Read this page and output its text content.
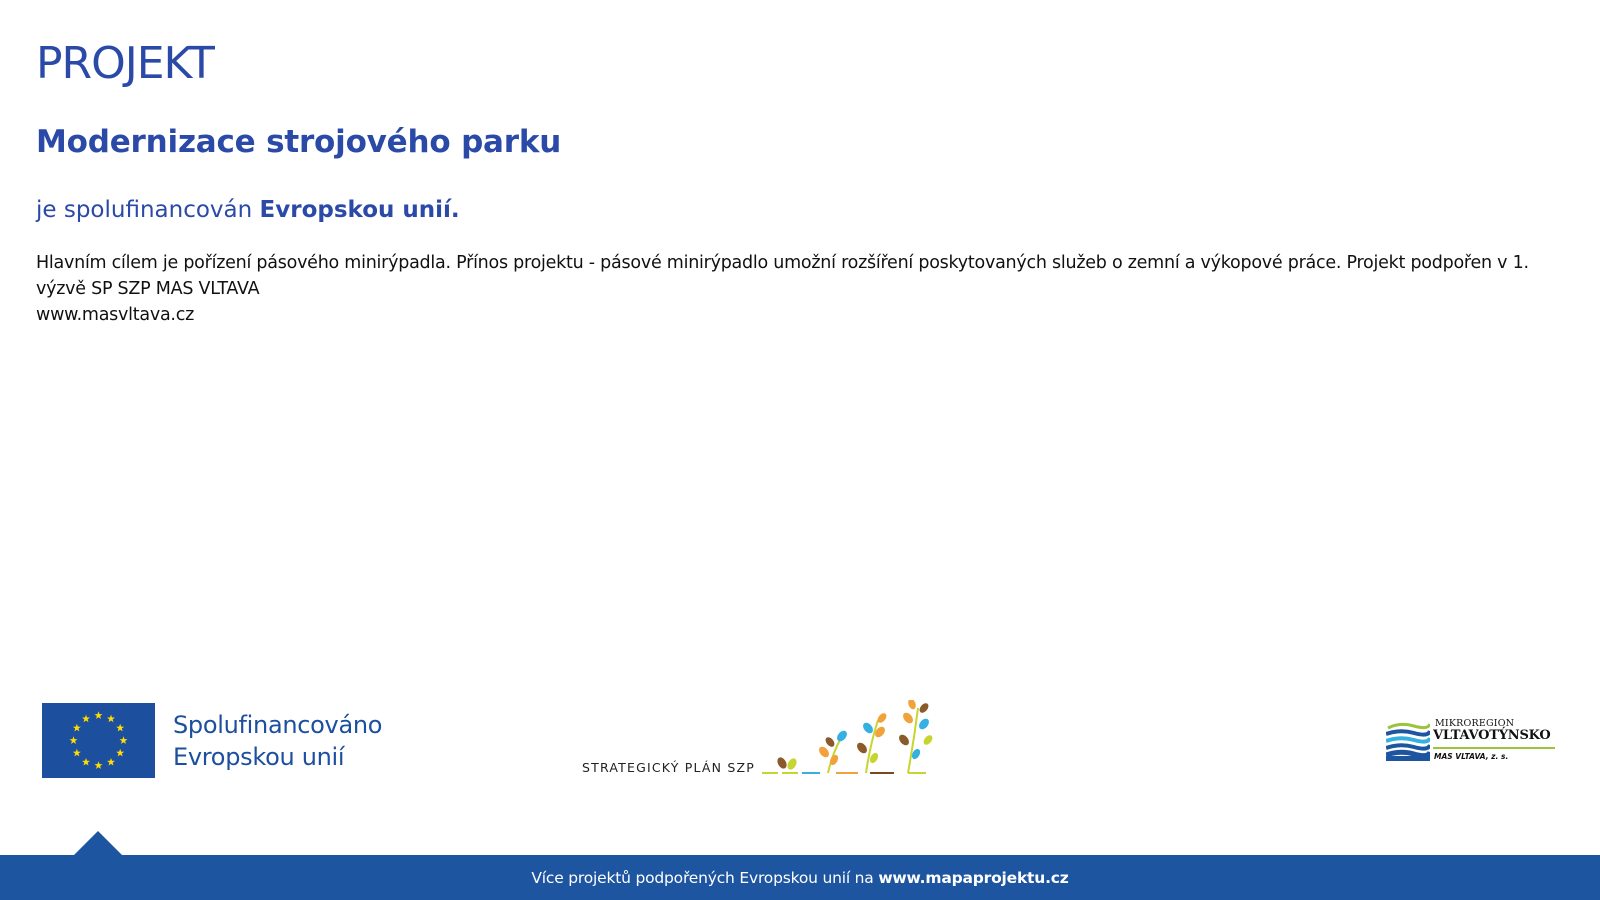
PROJEKT
Modernizace strojového parku

je spolufinancován Evropskou unií.

Hlavním cílem je pořízení pásového minirýpadla. Přínos projektu - pásové minirýpadlo umožní rozšíření poskytovaných služeb o zemní a výkopové práce. Projekt podpořen v 1. výzvě SP SZP MAS VLTAVA
www.masvltava.cz

Spolufinancováno
Evropskou unií	STRATEGICKÝ PLÁN SZP
MIKROREGION
VLTAVOTÝNSKO
MAS VLTAVA, z. s.
Více projektů podpořených Evropskou unií na www.mapaprojektu.cz
